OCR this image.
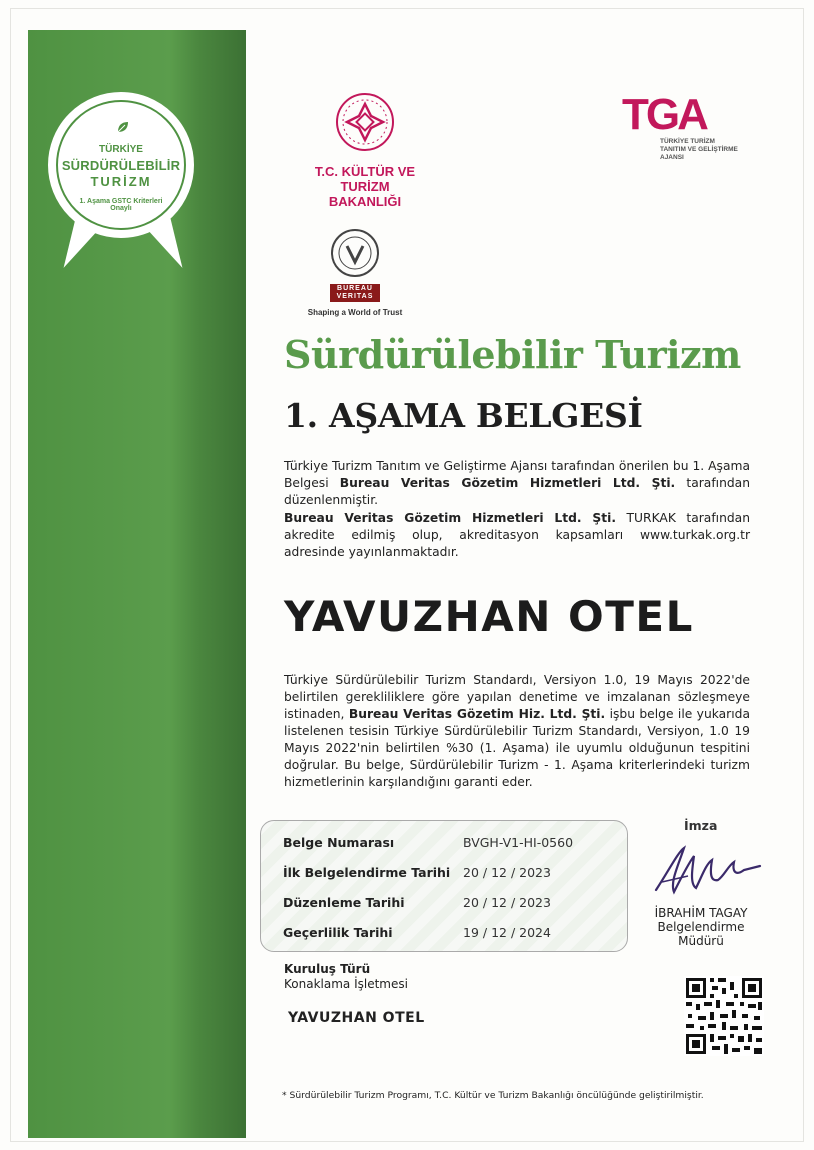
TÜRKİYE
SÜRDÜRÜLEBİLİR
TURİZM
1. Aşama GSTC Kriterleri Onaylı
T.C. KÜLTÜR VE TURİZM
BAKANLIĞI
TGA
TÜRKİYE TURİZM
TANITIM VE GELİŞTİRME
AJANSI
BUREAU
VERITAS
Shaping a World of Trust
Sürdürülebilir Turizm
1. AŞAMA BELGESİ
Türkiye Turizm Tanıtım ve Geliştirme Ajansı tarafından önerilen bu 1. Aşama Belgesi Bureau Veritas Gözetim Hizmetleri Ltd. Şti. tarafından düzenlenmiştir.
Bureau Veritas Gözetim Hizmetleri Ltd. Şti. TURKAK tarafından akredite edilmiş olup, akreditasyon kapsamları www.turkak.org.tr adresinde yayınlanmaktadır.
YAVUZHAN OTEL
Türkiye Sürdürülebilir Turizm Standardı, Versiyon 1.0, 19 Mayıs 2022'de belirtilen gerekliliklere göre yapılan denetime ve imzalanan sözleşmeye istinaden, Bureau Veritas Gözetim Hiz. Ltd. Şti. işbu belge ile yukarıda listelenen tesisin Türkiye Sürdürülebilir Turizm Standardı, Versiyon, 1.0 19 Mayıs 2022'nin belirtilen %30 (1. Aşama) ile uyumlu olduğunun tespitini doğrular. Bu belge, Sürdürülebilir Turizm - 1. Aşama kriterlerindeki turizm hizmetlerinin karşılandığını garanti eder.
Belge Numarası	BVGH-V1-HI-0560
İlk Belgelendirme Tarihi 20 / 12 / 2023
Düzenleme Tarihi	20 / 12 / 2023
Geçerlilik Tarihi	19 / 12 / 2024
İmza
İBRAHİM TAGAY
Belgelendirme
Müdürü
Kuruluş Türü
Konaklama İşletmesi
YAVUZHAN OTEL
* Sürdürülebilir Turizm Programı, T.C. Kültür ve Turizm Bakanlığı öncülüğünde geliştirilmiştir.
